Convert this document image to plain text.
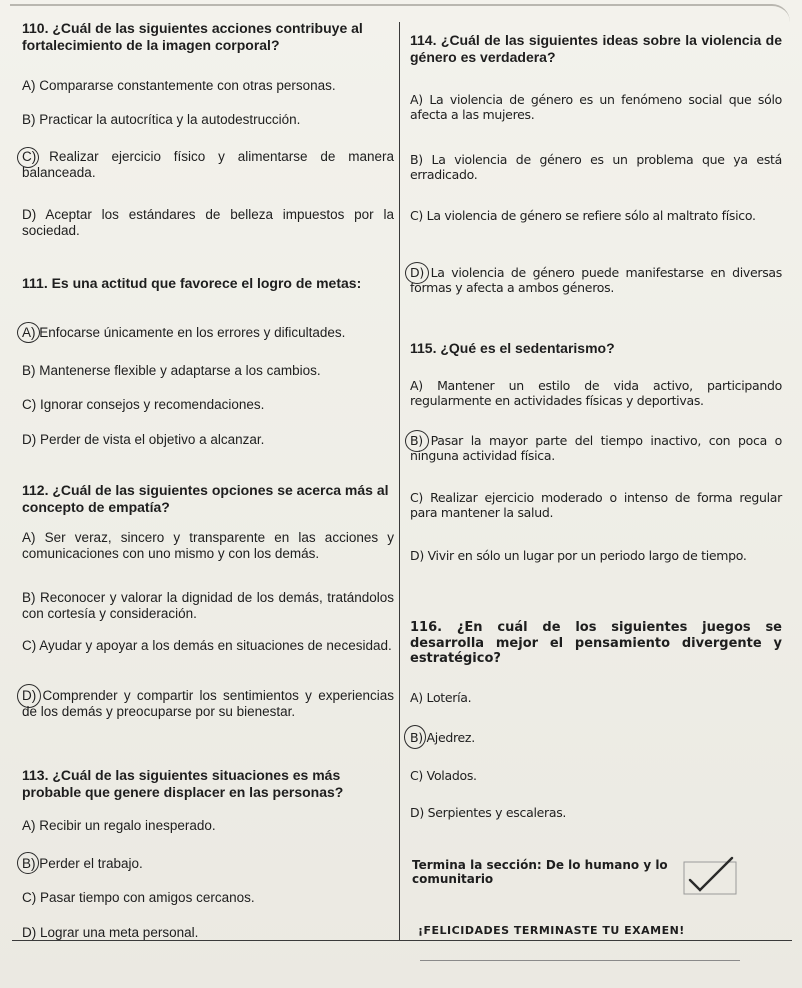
110. ¿Cuál de las siguientes acciones contribuye al fortalecimiento de la imagen corporal?
A) Compararse constantemente con otras personas.
B) Practicar la autocrítica y la autodestrucción.
C) Realizar ejercicio físico y alimentarse de manera balanceada.
D) Aceptar los estándares de belleza impuestos por la sociedad.
111. Es una actitud que favorece el logro de metas:
A) Enfocarse únicamente en los errores y dificultades.
B) Mantenerse flexible y adaptarse a los cambios.
C) Ignorar consejos y recomendaciones.
D) Perder de vista el objetivo a alcanzar.
112. ¿Cuál de las siguientes opciones se acerca más al concepto de empatía?
A) Ser veraz, sincero y transparente en las acciones y comunicaciones con uno mismo y con los demás.
B) Reconocer y valorar la dignidad de los demás, tratándolos con cortesía y consideración.
C) Ayudar y apoyar a los demás en situaciones de necesidad.
D) Comprender y compartir los sentimientos y experiencias de los demás y preocuparse por su bienestar.
113. ¿Cuál de las siguientes situaciones es más probable que genere displacer en las personas?
A) Recibir un regalo inesperado.
B) Perder el trabajo.
C) Pasar tiempo con amigos cercanos.
D) Lograr una meta personal.
114. ¿Cuál de las siguientes ideas sobre la violencia de género es verdadera?
A) La violencia de género es un fenómeno social que sólo afecta a las mujeres.
B) La violencia de género es un problema que ya está erradicado.
C) La violencia de género se refiere sólo al maltrato físico.
D) La violencia de género puede manifestarse en diversas formas y afecta a ambos géneros.
115. ¿Qué es el sedentarismo?
A) Mantener un estilo de vida activo, participando regularmente en actividades físicas y deportivas.
B) Pasar la mayor parte del tiempo inactivo, con poca o ninguna actividad física.
C) Realizar ejercicio moderado o intenso de forma regular para mantener la salud.
D) Vivir en sólo un lugar por un periodo largo de tiempo.
116. ¿En cuál de los siguientes juegos se desarrolla mejor el pensamiento divergente y estratégico?
A) Lotería.
B) Ajedrez.
C) Volados.
D) Serpientes y escaleras.
Termina la sección: De lo humano y lo comunitario
¡FELICIDADES TERMINASTE TU EXAMEN!
